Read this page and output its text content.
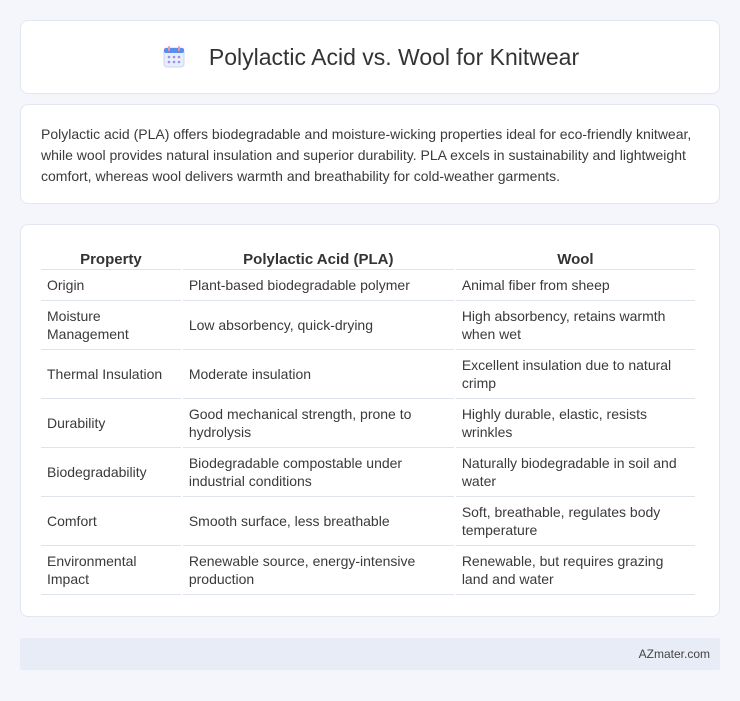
Polylactic Acid vs. Wool for Knitwear

Polylactic acid (PLA) offers biodegradable and moisture-wicking properties ideal for eco-friendly knitwear, while wool provides natural insulation and superior durability. PLA excels in sustainability and lightweight comfort, whereas wool delivers warmth and breathability for cold-weather garments.

Property	Polylactic Acid (PLA)	Wool
Origin	Plant-based biodegradable polymer	Animal fiber from sheep
Moisture Management	Low absorbency, quick-drying	High absorbency, retains warmth when wet
Thermal Insulation	Moderate insulation	Excellent insulation due to natural crimp
Durability	Good mechanical strength, prone to hydrolysis	Highly durable, elastic, resists wrinkles
Biodegradability	Biodegradable compostable under industrial conditions	Naturally biodegradable in soil and water
Comfort	Smooth surface, less breathable	Soft, breathable, regulates body temperature
Environmental Impact	Renewable source, energy-intensive production	Renewable, but requires grazing land and water
AZmater.com
